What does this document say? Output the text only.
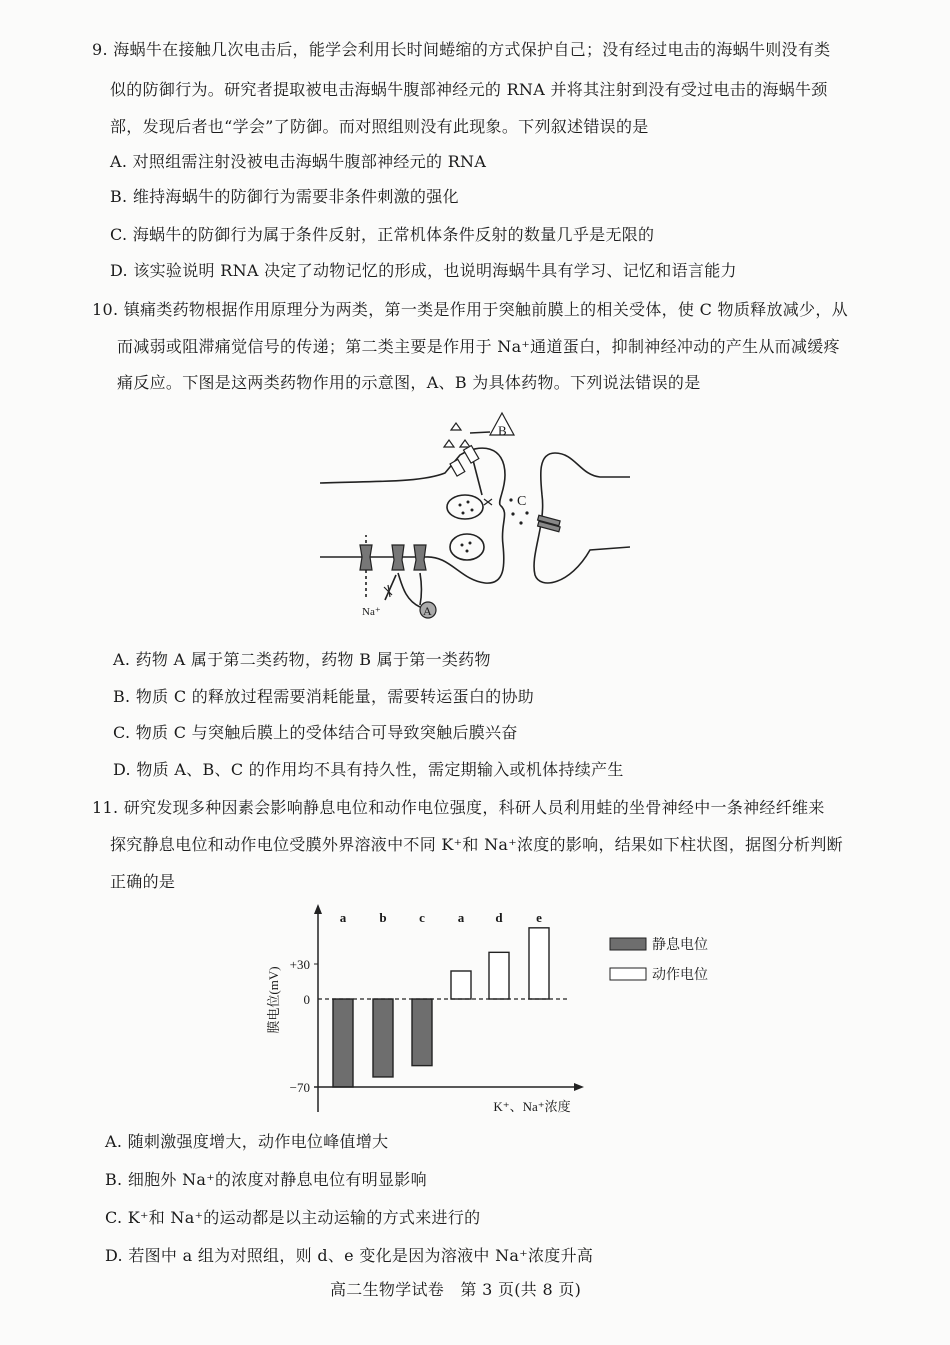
9. 海蜗牛在接触几次电击后，能学会利用长时间蜷缩的方式保护自己；没有经过电击的海蜗牛则没有类
似的防御行为。研究者提取被电击海蜗牛腹部神经元的 RNA 并将其注射到没有受过电击的海蜗牛颈
部，发现后者也“学会”了防御。而对照组则没有此现象。下列叙述错误的是
A. 对照组需注射没被电击海蜗牛腹部神经元的 RNA
B. 维持海蜗牛的防御行为需要非条件刺激的强化
C. 海蜗牛的防御行为属于条件反射，正常机体条件反射的数量几乎是无限的
D. 该实验说明 RNA 决定了动物记忆的形成，也说明海蜗牛具有学习、记忆和语言能力
10. 镇痛类药物根据作用原理分为两类，第一类是作用于突触前膜上的相关受体，使 C 物质释放减少，从
而减弱或阻滞痛觉信号的传递；第二类主要是作用于 Na⁺通道蛋白，抑制神经冲动的产生从而减缓疼
痛反应。下图是这两类药物作用的示意图，A、B 为具体药物。下列说法错误的是
B
C
A
Na⁺
A. 药物 A 属于第二类药物，药物 B 属于第一类药物
B. 物质 C 的释放过程需要消耗能量，需要转运蛋白的协助
C. 物质 C 与突触后膜上的受体结合可导致突触后膜兴奋
D. 物质 A、B、C 的作用均不具有持久性，需定期输入或机体持续产生
11. 研究发现多种因素会影响静息电位和动作电位强度，科研人员利用蛙的坐骨神经中一条神经纤维来
探究静息电位和动作电位受膜外界溶液中不同 K⁺和 Na⁺浓度的影响，结果如下柱状图，据图分析判断
正确的是
a	b c	a d	e
+30
0
−70
膜电位(mV)
K⁺、Na⁺浓度
静息电位
动作电位
A. 随刺激强度增大，动作电位峰值增大
B. 细胞外 Na⁺的浓度对静息电位有明显影响
C. K⁺和 Na⁺的运动都是以主动运输的方式来进行的
D. 若图中 a 组为对照组，则 d、e 变化是因为溶液中 Na⁺浓度升高
高二生物学试卷　第 3 页(共 8 页)
